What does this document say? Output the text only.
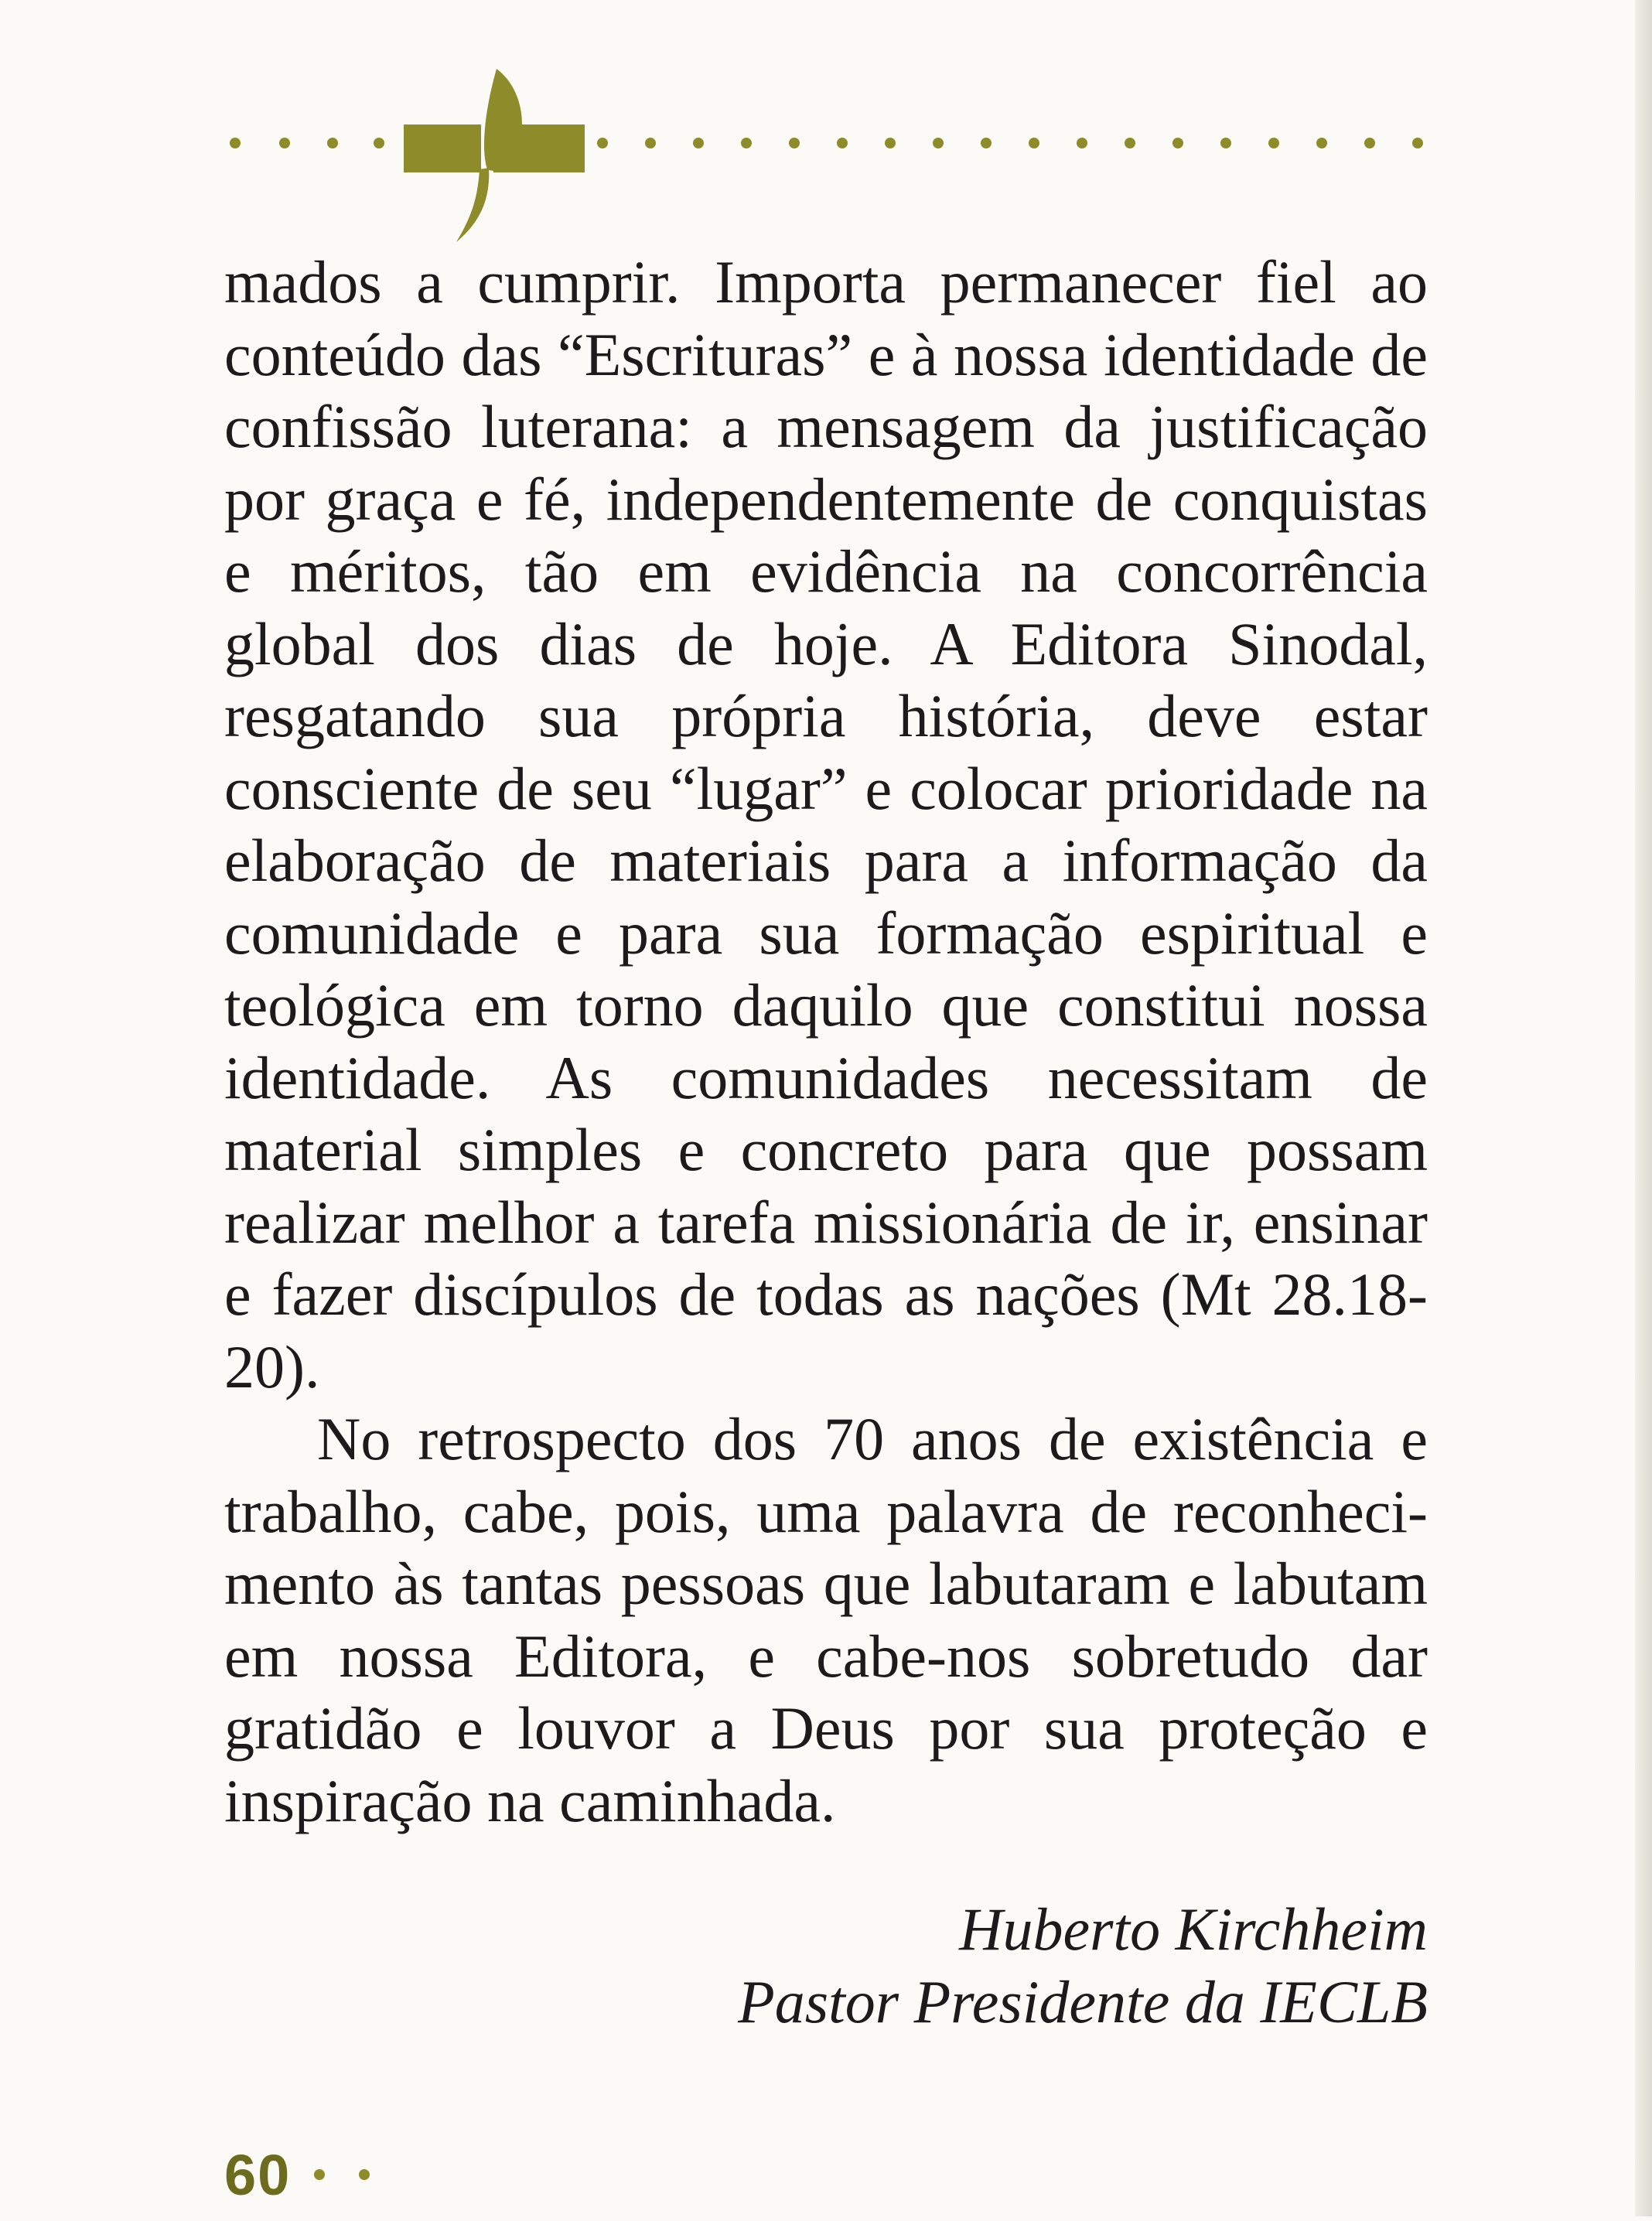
mados a cumprir. Importa permanecer fiel ao conteúdo das “Escrituras” e à nossa identidade de confissão luterana: a mensagem da justificação por graça e fé, independentemente de conquistas e méritos, tão em evidência na concorrência global dos dias de hoje. A Editora Sinodal, resgatando sua própria história, deve estar consciente de seu “lugar” e colocar prioridade na elaboração de materiais para a informação da comunidade e para sua formação espiritual e teológica em torno daquilo que constitui nossa identidade. As comunidades necessitam de material simples e concreto para que possam realizar melhor a tarefa missionária de ir, ensinar e fazer discípulos de todas as nações (Mt 28.18-20).

No retrospecto dos 70 anos de existência e trabalho, cabe, pois, uma palavra de reconhecimento às tantas pessoas que labutaram e labutam em nossa Editora, e cabe-nos sobretudo dar gratidão e louvor a Deus por sua proteção e inspiração na caminhada.

Huberto Kirchheim
Pastor Presidente da IECLB
60
